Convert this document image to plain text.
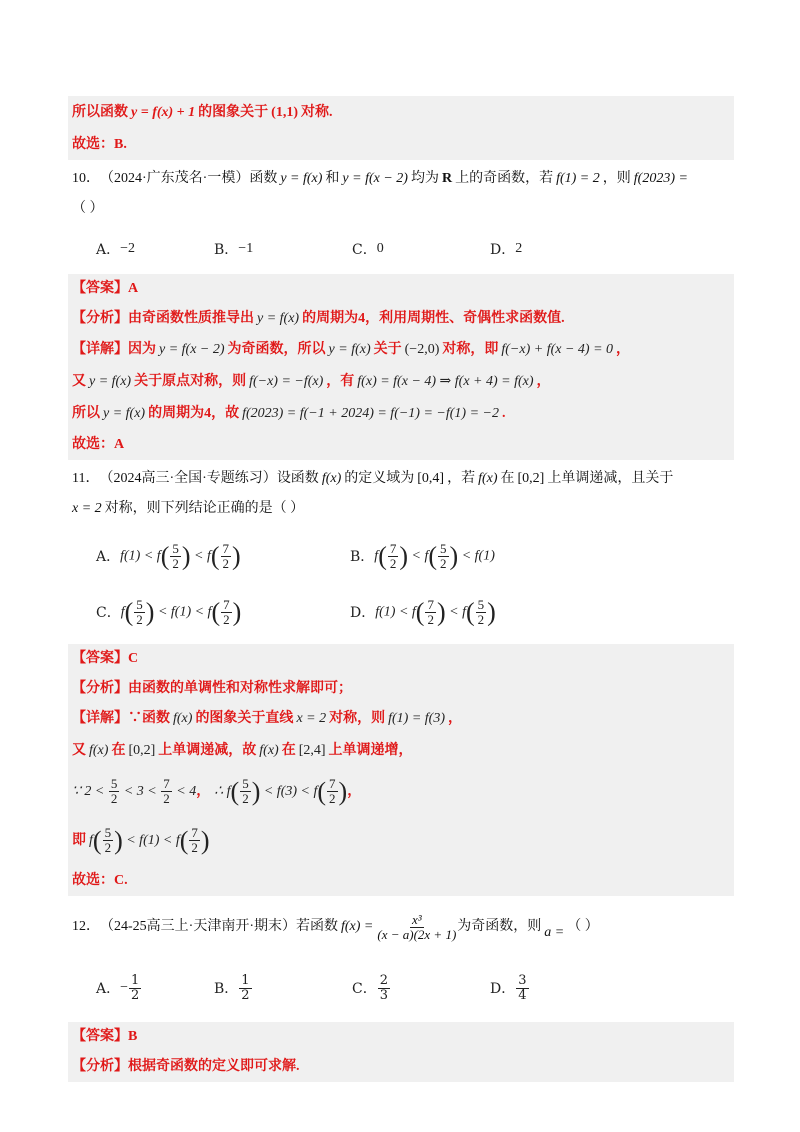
所以函数 y = f(x) + 1 的图象关于 (1,1) 对称.
故选：B.
10． （2024·广东茂名·一模） 函数 y = f(x) 和 y = f(x − 2) 均为 R 上的奇函数，若 f(1) = 2 ，则 f(2023) =
（ ）
A． −2	B． −1	C． 0	D． 2
【答案】 A
【分析】 由奇函数性质推导出 y = f(x) 的周期为4，利用周期性、奇偶性求函数值.
【详解】 因为 y = f(x − 2) 为奇函数，所以 y = f(x) 关于 (−2,0) 对称，即 f(−x) + f(x − 4) = 0 ，
又 y = f(x) 关于原点对称，则 f(−x) = −f(x) ，有 f(x) = f(x − 4) ⇒ f(x + 4) = f(x) ，
所以 y = f(x) 的周期为4，故 f(2023) = f(−1 + 2024) = f(−1) = −f(1) = −2 .
故选：A
11． （2024高三·全国·专题练习） 设函数 f(x) 的定义域为 [0,4] ，若 f(x) 在 [0,2] 上单调递减，且关于
x = 2 对称，则下列结论正确的是（ ）
A． $f(1) < f( \frac{5}{2}$ ) < $f( \frac{7}{2}$ )	B． $f( \frac{7}{2}$ ) < $f( \frac{5}{2}$ ) < f(1)
C． $f( \frac{5}{2}$ ) < $f(1) < f( \frac{7}{2}$ )	D． $f(1) < f( \frac{7}{2}$ ) < $f( \frac{5}{2}$ )
【答案】 C
【分析】 由函数的单调性和对称性求解即可；
【详解】 ∵函数 f(x) 的图象关于直线 x = 2 对称，则 f(1) = f(3) ，
又 f(x) 在 [0,2] 上单调递减，故 f(x) 在 [2,4] 上单调递增，
∵ $2 < \frac{5}{2} < 3 < \frac{7}{2} < 4$ ， ∴ $f( \frac{5}{2}$ ) < $f(3) < f( \frac{7}{2}$ ) ，
即 $f( \frac{5}{2}$ ) < $f(1) < f( \frac{7}{2}$ )
故选：C.
12． （24-25高三上·天津南开·期末） 若函数 $f(x) = \frac{\text{x³}}{(x - a)(2x + 1)}$ 为奇函数，则 a = （ ）
A． − $\frac{1}{2}$	B． $\frac{1}{2}$	C． $\frac{2}{3}$	D． $\frac{3}{4}$
【答案】 B
【分析】 根据奇函数的定义即可求解.
